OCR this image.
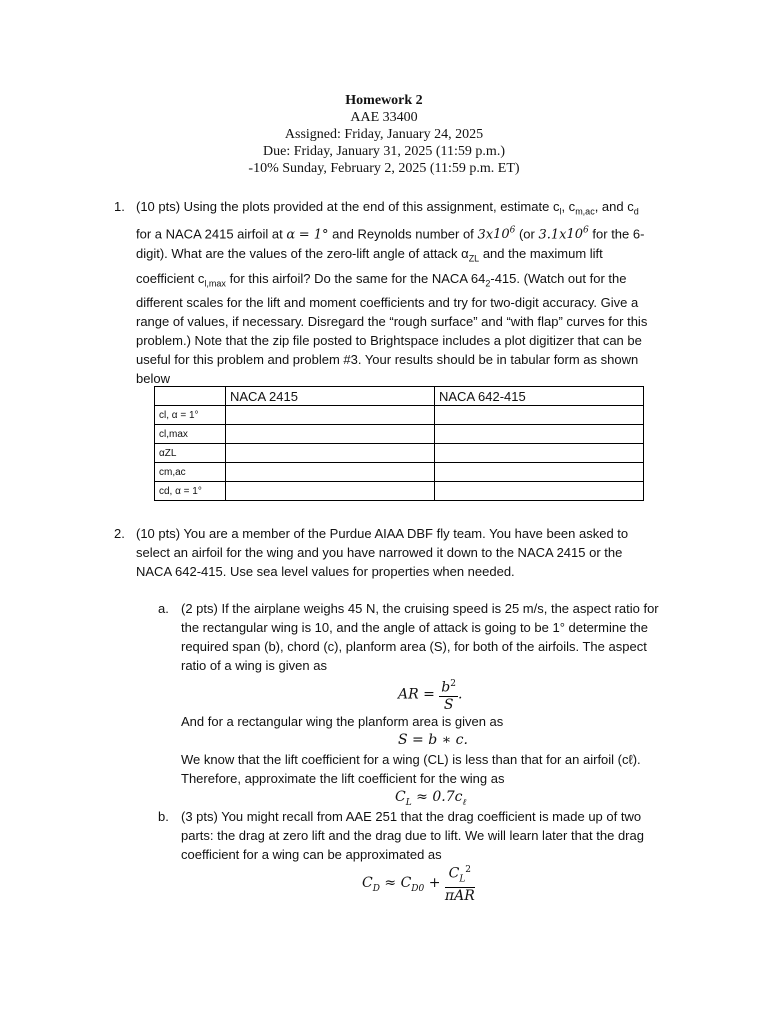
Homework 2
AAE 33400
Assigned: Friday, January 24, 2025
Due: Friday, January 31, 2025 (11:59 p.m.)
-10% Sunday, February 2, 2025 (11:59 p.m. ET)
1. (10 pts) Using the plots provided at the end of this assignment, estimate $c_l$, $c_{m,ac}$, and $c_d$ for a NACA 2415 airfoil at α = 1° and Reynolds number of $3x10^6$ (or $3.1x10^6$ for the 6-digit). What are the values of the zero-lift angle of attack $\alpha_{ZL}$ and the maximum lift coefficient $c_{l,max}$ for this airfoil? Do the same for the NACA $64_2-415$. (Watch out for the different scales for the lift and moment coefficients and try for two-digit accuracy. Give a range of values, if necessary. Disregard the “rough surface” and “with flap” curves for this problem.) Note that the zip file posted to Brightspace includes a plot digitizer that can be useful for this problem and problem #3. Your results should be in tabular form as shown below
	NACA 2415	NACA 642-415
cl, α = 1°		
cl,max		
αZL		
cm,ac		
cd, α = 1°		
2. (10 pts) You are a member of the Purdue AIAA DBF fly team. You have been asked to select an airfoil for the wing and you have narrowed it down to the NACA 2415 or the NACA 642-415. Use sea level values for properties when needed.
a. (2 pts) If the airplane weighs 45 N, the cruising speed is 25 m/s, the aspect ratio for the rectangular wing is 10, and the angle of attack is going to be 1° determine the required span (b), chord (c), planform area (S), for both of the airfoils. The aspect ratio of a wing is given as
AR = $\frac{b^2}{S}$ .
And for a rectangular wing the planform area is given as
S = b ∗ c.
We know that the lift coefficient for a wing (CL) is less than that for an airfoil (cℓ). Therefore, approximate the lift coefficient for the wing as
$C_L \approx 0.7c_\ell$
b. (3 pts) You might recall from AAE 251 that the drag coefficient is made up of two parts: the drag at zero lift and the drag due to lift. We will learn later that the drag coefficient for a wing can be approximated as
$C_D \approx C_{D0} + \frac{C_L^2}{\text{πAR}}$
